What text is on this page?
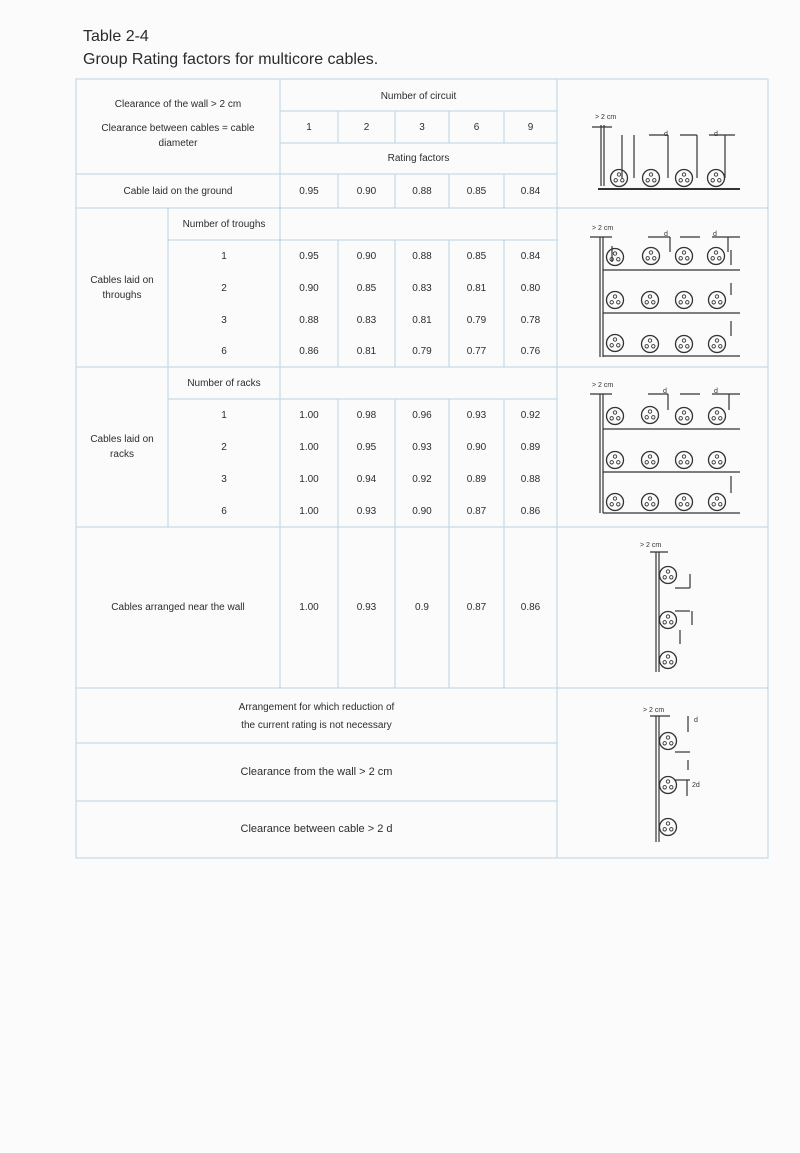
Table 2-4
Group Rating factors for multicore cables.
Clearance of the wall > 2 cm
Clearance between cables = cable diameter
Number of circuit
1	2	3	6	9
Rating factors
Cable laid on the ground	0.95	0.90	0.88	0.85	0.84
Cables laid on throughs
Number of troughs
1	0.95	0.90	0.88	0.85	0.84
2	0.90	0.85	0.83	0.81	0.80
3	0.88	0.83	0.81	0.79	0.78
6	0.86	0.81	0.79	0.77	0.76
Cables laid on racks
Number of racks
1	1.00	0.98	0.96	0.93	0.92
2	1.00	0.95	0.93	0.90	0.89
3	1.00	0.94	0.92	0.89	0.88
6	1.00	0.93	0.90	0.87	0.86
Cables arranged near the wall	1.00	0.93	0.9	0.87	0.86
Arrangement for which reduction of
the current rating is not necessary
Clearance from the wall > 2 cm
Clearance between cable > 2 d
> 2 cm
d	d
> 2 cm
d	d
> 2 cm
d	d
> 2 cm
> 2 cm
d
2d
